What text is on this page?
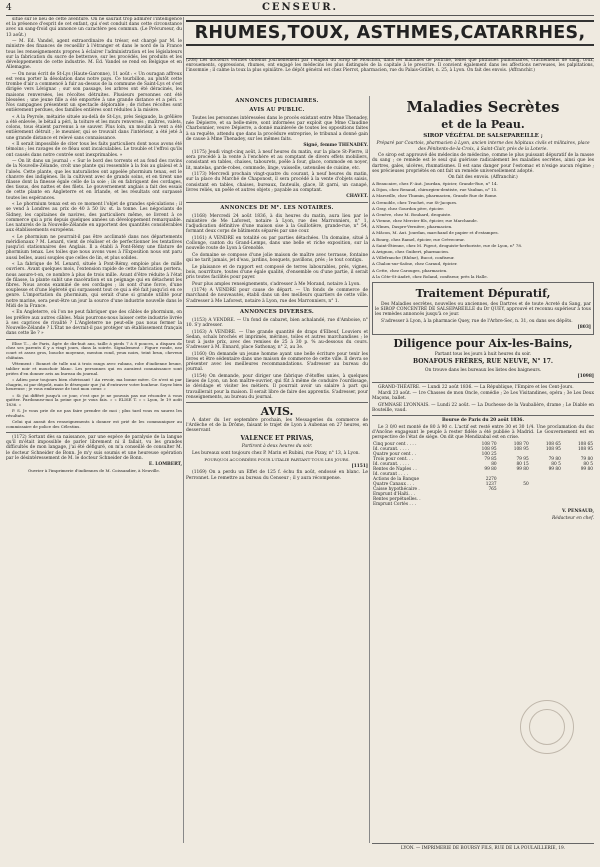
4	CENSEUR.

situé sur le lieu de cette aventure. On ne saurait trop admirer l'intelligence et la présence d'esprit de cet enfant, qui s'est conduit dans cette circonstance avec un sang-froid qui annonce un caractère peu commun. (Le Précurseur, du 13 août.)

— M. Ed. Vandel, agent extraordinaire du trésor, est chargé par M. le ministre des finances de recueillir à l'étranger et dans le nord de la France tous les renseignements propres à éclairer l'administration et les législateurs sur la fabrication du sucre de betterave, sur les procédés, les produits et les développements de cette industrie. M. Ed. Vandel se rend en Belgique et en Allemagne.

— On nous écrit de St-Lys (Haute-Garonne), 11 août : « Un ouragan affreux est venu porter la désolation dans notre pays. Ce tourbillon, au plutôt cette trombe d'air a commencé à fuir au-dessus de la commune de Saint-Lys et s'est dirigée vers Lévignac ; sur son passage, les arbres ont été déracinés, les maisons renversées, les récoltes détruites. Plusieurs personnes ont été blessées ; une jeune fille a été emportée à une grande distance et a péri. » Nos campagnes présentent un spectacle déplorable ; de riches récoltes sont entièrement perdues, des familles entières sont réduites à la misère.

« A la Peyrole, métairie située au-delà de St-Lys, près Seigaude, la grêlière a été enlevée, le bétail a péri, la toiture et les murs renversés ; maîtres, valets, colons, tous étaient parvenus à se sauver. Plus loin, un moulin à vent a été entièrement détruit ; le meunier, qui se trouvait dans l'intérieur, a été jeté à une grande distance et relevé sans connaissance.

« Il serait impossible de citer tous les faits particuliers dont nous avons été témoins ; les ravages de ce fléau sont incalculables. Le trouble et l'effroi qu'ils ont causés dans notre contrée sont inexprimables. »

— On lit dans un journal : « Sur le bord des torrents et au fond des ravins de la Nouvelle-Zélande, croît une plante qui ressemble à la fois au glaïeul et à l'aloès. Cette plante, que les naturalistes ont appelée phormium tenax, est le chanvre des indigènes. Ils la cultivent avec de grands soins, et en tirent une filasse dont la finesse égale celle de la soie ; ils en fabriquent des cordages, des tissus, des nattes et des filets. Le gouvernement anglais a fait des essais de cette plante en Angleterre et en Irlande, et les résultats ont surpassé toutes les espérances.

« Le phormium tenax est en ce moment l'objet de grandes spéculations ; il se vend à Londres au prix de 40 à 50 liv. st. la tonne. Les négociants de Sidney, les capitaines de navires, des particuliers même, se livrent à ce commerce qui a pris depuis quelques années un développement remarquable. Les naturels de la Nouvelle-Zélande en apportent des quantités considérables aux établissements européens.

« Le phormium ne pourrait-il pas être acclimaté dans nos départements méridionaux ? M. Lenard, vient de réaliser et de perfectionner les tentatives jusqu'ici stationnaires des Anglais. Il a établi à Pont-Rémy une filature de phormium tenax. Les toiles que nous avons vues à l'Exposition nous ont paru aussi belles, aussi souples que celles de lin, et plus solides.

« La fabrique de M. Lenard, située à Pont-Rémy, emploie plus de mille ouvriers. Avant quelques mois, l'extension rapide de cette fabrication portera, nous assure-t-on, ce nombre à plus de trois mille. Avant d'être réduite à l'état de filasse, la plante subit une macération et un peignage qui en détachent les fibres. Nous avons examiné de ses cordages ; ils sont d'une force, d'une souplesse et d'une légèreté qui surpassent tout ce qui a été fait jusqu'ici en ce genre. L'importation du phormium, qui serait d'une si grande utilité pour notre marine, sera peut-être un jour la source d'une industrie nouvelle dans le Midi de la France.

« En Angleterre, où l'on ne peut fabriquer que des câbles de phormium, on les préfère aux autres câbles. Mais pourrons-nous laisser cette industrie livrée à ses caprices de rivalité ? L'Angleterre ne peut-elle pas nous fermer la Nouvelle-Zélande ? L'État ne devrait-il pas protéger un établissement français dans cette île ? »

Elise T..., de Paris, âgée de dix-huit ans, taille à pieds 7 à 8 pouces, a disparu de chez ses parents il y a vingt jours, dans la soirée. Signalement : Figure ronde, nez court et assez gros, bouche moyenne, menton rond, yeux noirs, teint brun, cheveux châtains.

Vêtement : Bonnet de tulle uni à trois rangs avec rubans, robe d'indienne brune, tablier noir et mouchoir blanc. Les personnes qui en auraient connaissance sont priées d'en donner avis au bureau du journal.

« Adieu pour toujours bien chérissant ! Au revoir, ma bonne mère. Ce n'est ni par chagrin, ni par dégoût, mais le désespoir que j'ai d'entraver votre bonheur. Soyez bien heureuse ; je vous embrasse de tout mon cœur. »

« Si j'ai différé jusqu'à ce jour, c'est que je ne pouvais pas me résoudre à vous quitter. Pardonnez-moi la peine que je vous fais. » « ELISE T. » « Lyon, le 19 août 1836. »

P. S. Je vous prie de ne pas faire prendre de moi ; plus tard vous en saurez les résultats.

Celui qui aurait des renseignements à donner est prié de les communiquer au commissaire de police des Célestins.

(1172) Sortant dès sa naissance, par une espèce de paralysie de la langue qu'il m'était impossible de parler librement ni il fallait, vu les grandes difficultés de mon langage, j'ai été défiguré, on m'a conseillé de consulter M. le docteur Schneider de Bonn. Je m'y suis soumis et une heureuse opération par le désintéressement de M. le docteur Schneider de Bonn.

E. LOMBERT,

Ouvrier à l'imprimerie d'indiennes de M. Coissandier, à Neuville.

RHUMES,TOUX, ASTHMES,CATARRHES,

(208) Les docteurs vérifiés obtenus journellement par l'emploi du Sirop de Mouchon, dans les maladies de poitrine, telles que phthisies pulmonaires, crachements de sang, toux, enrouements, oppressions, rhumes, ont engagé les médecins les plus distingués de la capitale à le prescrire. Il convient également dans les affections nerveuses, les palpitations, l'insomnie ; il calme la toux la plus opiniâtre. Le dépôt général est chez Pierrot, pharmacien, rue du Palais-Grillet, n. 25, à Lyon. On fait des envois. (Affranchir.)

ANNONCES JUDICIAIRES.
AVIS AU PUBLIC.

Toutes les personnes intéressées dans le procès existant entre Mme Thenadey, née Dépierre, et sa belle-mère, sont informées par exploit que Mme Claudine Charbonnier, veuve Dépierre, a donné mainlevée de toutes les oppositions faites à sa requête, attendu que dans la procédure entreprise, le tribunal a donné gain de cause à Mme Thenadey, sur les mêmes faits.

Signé, femme THENADEY.

(1175) Jeudi vingt-cinq août, à neuf heures du matin, sur la place St-Pierre, il sera procédé à la vente à l'enchère et au comptant de divers effets mobiliers, consistant en tables, chaises, tabourets, poêle à four, glace, commode en noyer, lit, matelas, garde-robes, commode, linge, vaisselle, ustensiles de cuisine, etc.

(1173) Mercredi prochain vingt-quatre du courant, à neuf heures du matin, sur la place du Marché de Chaponost, il sera procédé à la vente d'objets saisis, consistant en tables, chaises, bureaux, fauteuils, glace, lit garni, un canapé, livres reliés, un poêle et autres objets ; payable au comptant.

CHAVET.

ANNONCES DE Mᴱ. LES NOTAIRES.

(1168) Mercredi 24 août 1836, à dix heures du matin, aura lieu par le ministère de Me Laforest, notaire à Lyon, rue des Marronniers, n° 1, l'adjudication définitive d'une maison sise à la Guillotière, grande-rue, n° 54, formant deux corps de bâtiments séparés par une cour.

(1161) A VENDRE en totalité ou par parties détachées. Un domaine, situé à Collonge, canton du Grand-Lemps, dans une belle et riche exposition, sur la nouvelle route de Lyon à Grenoble.

Ce domaine se compose d'une jolie maison de maître avec terrasse, fontaine qui ne tarit jamais, jet d'eau, jardins, bosquets, pavillons, prés ; le tout contigu.

Le plaisance et de rapport est composé de terres labourables, prés, vignes, bois, nourriture, toutes d'une égale qualité, d'ensemble ou d'une partie, il serait pris toutes facilités pour payer.

Pour plus amples renseignements, s'adresser à Me Morand, notaire à Lyon.

(1174) A VENDRE pour cause de départ. — Un fonds de commerce de marchand de nouveautés, établi dans un des meilleurs quartiers de cette ville. S'adresser à Me Laforest, notaire à Lyon, rue des Marronniers, n° 1.

ANNONCES DIVERSES.

(1153) A VENDRE. — Un fond de cabaret, bien achalandé, rue d'Amboise, n° 10. S'y adresser.

(1163) A VENDRE. — Une grande quantité de draps d'Elbeuf, Louviers et Sedan, schals brochés et imprimés, mérinos, toiles et autres marchandises ; le tout à juste prix, avec des remises de 25 à 30 p. % au-dessous du cours. S'adresser à M. Ennard, place Sathonay, n° 2, au 3e.

(1160) On demande un jeune homme ayant une belle écriture pour tenir les livres et être sédentaire dans une maison de commerce de cette ville. Il devra se présenter avec les meilleures recommandations. S'adresser au bureau du journal.

(1154) On demande, pour diriger une fabrique d'étoffes unies, à quelques lieues de Lyon, un bon maître-ouvrier, qui fût à même de conduire l'ourdissage, le dévidage et visiter les métiers. Il pourrait avoir un salaire à part qui travaillerait pour la maison. Il serait libre de faire des apprentis. S'adresser, pour renseignements, au bureau du journal.

AVIS.

A dater du 1er septembre prochain, les Messageries du commerce de l'Ardèche et de la Drôme, faisant le trajet de Lyon à Aubenas en 27 heures, en desservant

VALENCE ET PRIVAS,

Partiront à deux heures du soir.

Les bureaux sont toujours chez P. Marin et Rubini, rue Pizay, n° 13, à Lyon.

POURQUOI ACCORDÉES POUR L'ITALIE PARTANT TOUS LES JOURS.

[1151]

(1169) On a perdu un Effet de 125 f. échu fin août, endossé en blanc. Le Perronnet. Le remettre au bureau du Censeur ; il y aura récompense.

Maladies Secrètes
et de la Peau.

SIROP VÉGÉTAL DE SALSEPAREILLE ;

Préparé par Courtois, pharmacien à Lyon, ancien interne des hôpitaux civils et militaires, place des Pénitents-de-la-Croix, à Saint-Clair, près de la Loterie.

Ce sirop est approuvé dès médecins de médecine, comme le plus puissant dépuratif de la masse du sang ; ce remède est le seul qui guérisse radicalement les maladies secrètes, ainsi que les dartres, gales, ulcères, rhumatismes. Il est sans danger pour l'estomac et n'exige aucun régime ; ses précieuses propriétés en ont fait un remède universellement adopté.

On fait des envois. (Affranchir.)

A Beaucaire, chez F.-Aut. Jourdan, épicier, Grande-Rue, n° 14.

A Dijon, chez Renaud, chirurgien-dentiste, rue Vauban, n° 15.

A Marseille, chez Thumin, pharmacien, Grande Rue de Rome.

A Grenoble, chez Truchet, rue St-Jacques.

A Gray, chez Gourdon père, épicier.

A Genève, chez M. Bouhard, droguiste.

A Vienne, chez Mercier fils, épicier, rue Marchande.

A Nîmes, Daspre-Vernière, pharmacien.

A Mâcon, M. Aut. Jourdan, marchand de papier et d'estampes.

A Bourg, chez Ramel, épicier, rue Crèvecœur.

A Saint-Étienne, chez M. Pigeot, droguiste-herboriste, rue de Lyon, n° 78.

A Avignon, chez Guibert, pharmacien.

A Villefranche (Rhône), Bucot, confiseur.

A Chalon-sur-Saône, chez Caraud, épicier.

A Cette, chez Carouges, pharmacien.

A la Côte-St-André, chez Roland, confiseur, près la Halle.

Traitement Dépuratif,

Des Maladies secrètes, nouvelles ou anciennes, des Dartres et de toute Acreté du Sang, par le SIROP CONCENTRÉ DE SALSEPAREILLE du Dr QUEY, approuvé et reconnu supérieur à tous les remèdes annoncés jusqu'à ce jour.

S'adresser à Lyon, à la pharmacie Quey, rue de l'Arbre-Sec, n. 31, ou dans ses dépôts.

[803]

Diligence pour Aix-les-Bains,

Partant tous les jours à huit heures du soir.

BONAFOUS FRÈRES, RUE NEUVE, N° 17.

On trouve dans les bureaux les listes des baigneurs.

[1098]

GRAND-THÉATRE. — Lundi 22 août 1836. — La République, l'Empire et les Cent-Jours.

Mardi 23 août. — 1re Chasses de mon Oncle, comédie ; 2e Les Visitandines, opéra ; 3e Les Deux Maçons, ballet.

GYMNASE LYONNAIS. — Lundi 22 août. — La Duchesse de la Vaubalière, drame ; Le Diable en Bouteille, vaud.

Bourse de Paris du 20 août 1836.

Le 3 0/0 est monté de 80 à 90 c. L'actif est resté entre 30 et 30 1/4. Une proclamation du duc d'Ancône engageant le peuple à rester fidèle a été publiée à Madrid. Le Gouvernement est en perspective de l'état de siège. On dit que Mendizabal est en crise.

Cinq pour cent . . . .	108 70	108 70	108 65	108 65
Id. courant. . . . .	108 95	108 95	108 95	108 95
Quatre pour cent . .	100 25			
Trois pour cent. . .	79 85	79 95	79 80	79 80
Id. courant. . . . .	80	80 15	80 5	80 5
Rentes de Naples . .	99 80	99 80	99 80	99 80
Id. courant . . . .				
Actions de la Banque	2270			
Quatre Canaux . . .	1237	50		
Caisse hypothécaire .	765			
Emprunt d'Haïti. . .				
Rentes perpétuelles. .				
Emprunt Cortès . . .				

V. PENSAUD,

Rédacteur en chef.

LYON. — IMPRIMERIE DE BOURSY FILS, RUE DE LA POULAILLERIE, 19.
